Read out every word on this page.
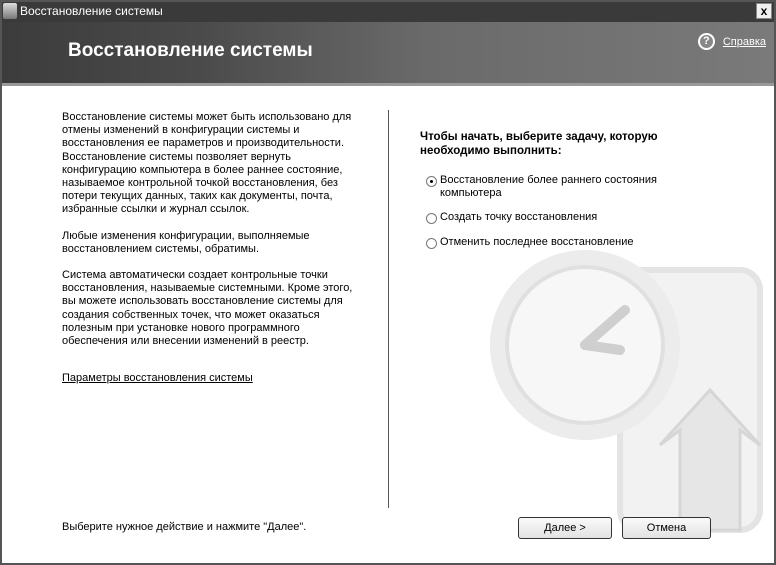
Восстановление системы	x
Восстановление системы	?	Справка

Восстановление системы может быть использовано для
отмены изменений в конфигурации системы и
восстановления ее параметров и производительности.
Восстановление системы позволяет вернуть
конфигурацию компьютера в более раннее состояние,
называемое контрольной точкой восстановления, без
потери текущих данных, таких как документы, почта,
избранные ссылки и журнал ссылок.

Любые изменения конфигурации, выполняемые
восстановлением системы, обратимы.

Система автоматически создает контрольные точки
восстановления, называемые системными. Кроме этого,
вы можете использовать восстановление системы для
создания собственных точек, что может оказаться
полезным при установке нового программного
обеспечения или внесении изменений в реестр.

Параметры восстановления системы
Чтобы начать, выберите задачу, которую
необходимо выполнить:
Восстановление более раннего состояния
компьютера
Создать точку восстановления
Отменить последнее восстановление
Выберите нужное действие и нажмите "Далее".	Далее >	Отмена
